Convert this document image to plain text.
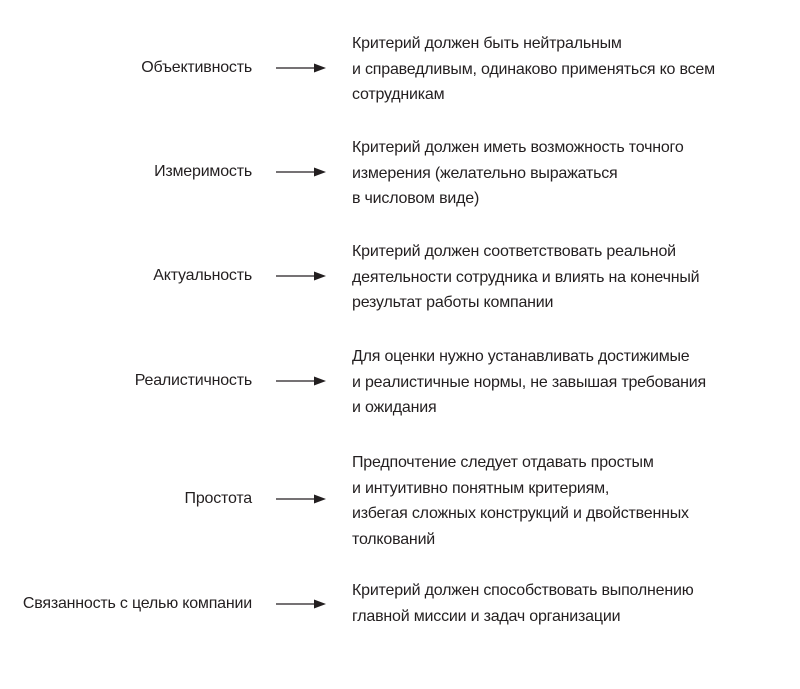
Объективность
Критерий должен быть нейтральным
и справедливым, одинаково применяться ко всем
сотрудникам
Измеримость
Критерий должен иметь возможность точного
измерения (желательно выражаться
в числовом виде)
Актуальность
Критерий должен соответствовать реальной
деятельности сотрудника и влиять на конечный
результат работы компании
Реалистичность
Для оценки нужно устанавливать достижимые
и реалистичные нормы, не завышая требования
и ожидания
Простота
Предпочтение следует отдавать простым
и интуитивно понятным критериям,
избегая сложных конструкций и двойственных
толкований
Связанность с целью компании
Критерий должен способствовать выполнению
главной миссии и задач организации
